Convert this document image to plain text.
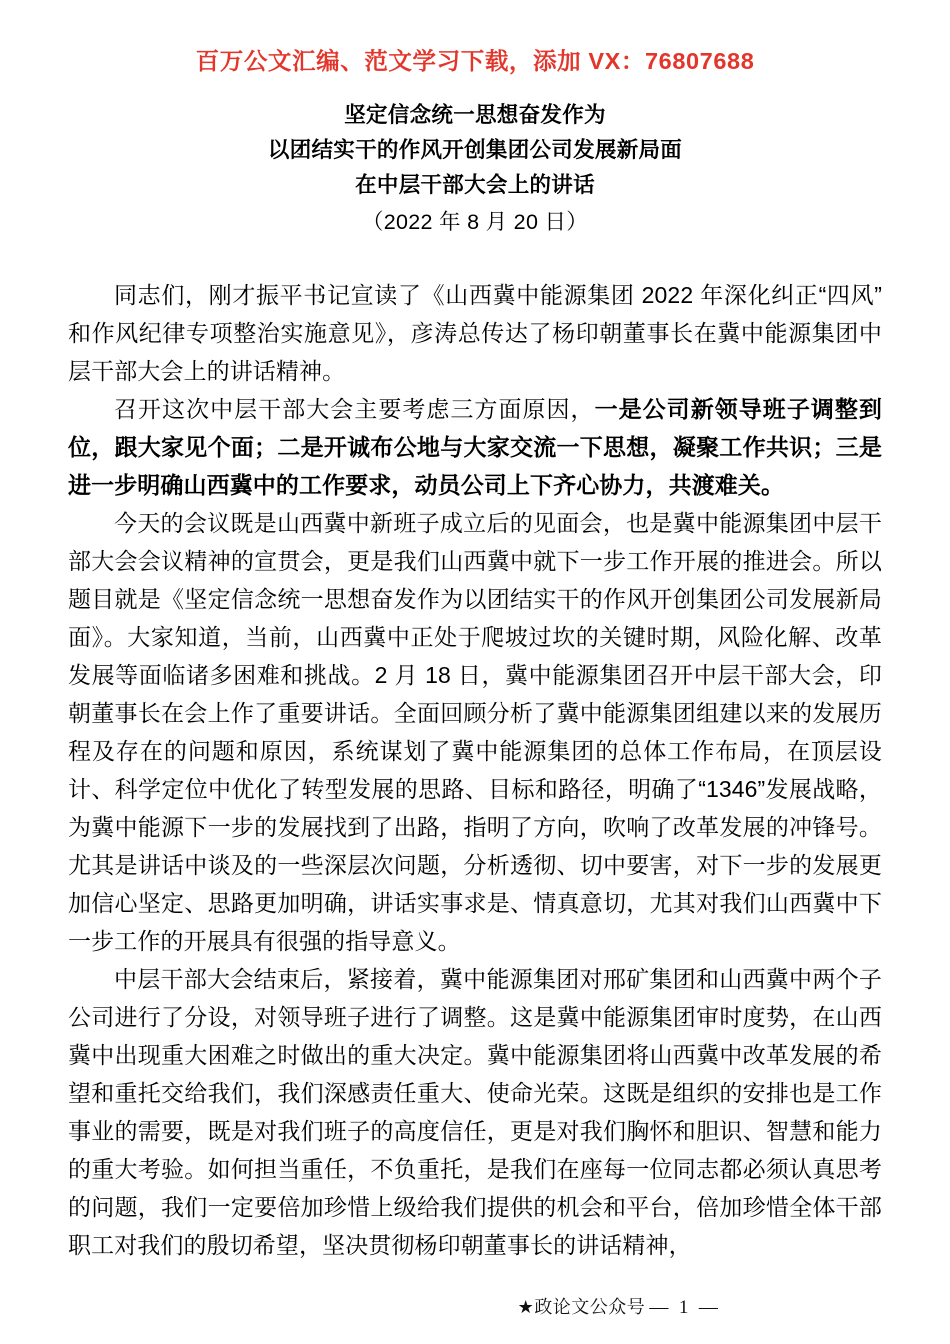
百万公文汇编、范文学习下载，添加 VX：76807688
坚定信念统一思想奋发作为
以团结实干的作风开创集团公司发展新局面
在中层干部大会上的讲话
（2022 年 8 月 20 日）

同志们，刚才振平书记宣读了《山西冀中能源集团 2022 年深化纠正“四风”和作风纪律专项整治实施意见》，彦涛总传达了杨印朝董事长在冀中能源集团中层干部大会上的讲话精神。

召开这次中层干部大会主要考虑三方面原因，一是公司新领导班子调整到位，跟大家见个面；二是开诚布公地与大家交流一下思想，凝聚工作共识；三是进一步明确山西冀中的工作要求，动员公司上下齐心协力，共渡难关。

今天的会议既是山西冀中新班子成立后的见面会，也是冀中能源集团中层干部大会会议精神的宣贯会，更是我们山西冀中就下一步工作开展的推进会。所以题目就是《坚定信念统一思想奋发作为以团结实干的作风开创集团公司发展新局面》。大家知道，当前，山西冀中正处于爬坡过坎的关键时期，风险化解、改革发展等面临诸多困难和挑战。2 月 18 日，冀中能源集团召开中层干部大会，印朝董事长在会上作了重要讲话。全面回顾分析了冀中能源集团组建以来的发展历程及存在的问题和原因，系统谋划了冀中能源集团的总体工作布局，在顶层设计、科学定位中优化了转型发展的思路、目标和路径，明确了“1346”发展战略，为冀中能源下一步的发展找到了出路，指明了方向，吹响了改革发展的冲锋号。尤其是讲话中谈及的一些深层次问题，分析透彻、切中要害，对下一步的发展更加信心坚定、思路更加明确，讲话实事求是、情真意切，尤其对我们山西冀中下一步工作的开展具有很强的指导意义。

中层干部大会结束后，紧接着，冀中能源集团对邢矿集团和山西冀中两个子公司进行了分设，对领导班子进行了调整。这是冀中能源集团审时度势，在山西冀中出现重大困难之时做出的重大决定。冀中能源集团将山西冀中改革发展的希望和重托交给我们，我们深感责任重大、使命光荣。这既是组织的安排也是工作事业的需要，既是对我们班子的高度信任，更是对我们胸怀和胆识、智慧和能力的重大考验。如何担当重任，不负重托，是我们在座每一位同志都必须认真思考的问题，我们一定要倍加珍惜上级给我们提供的机会和平台，倍加珍惜全体干部职工对我们的殷切希望，坚决贯彻杨印朝董事长的讲话精神，

★政论文公众号 — 1 —
